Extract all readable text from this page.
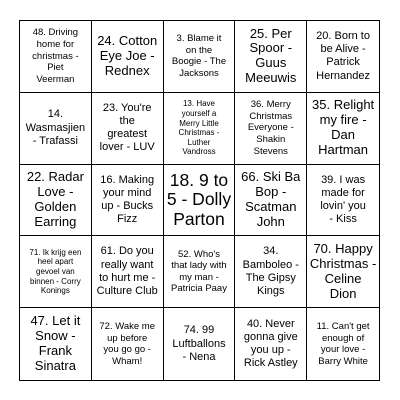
48. Driving
home for
christmas -
Piet
Veerman
24. Cotton
Eye Joe -
Rednex
3. Blame it
on the
Boogie - The
Jacksons
25. Per
Spoor -
Guus
Meeuwis
20. Born to
be Alive -
Patrick
Hernandez
14.
Wasmasjien
- Trafassi
23. You're
the
greatest
lover - LUV
13. Have
yourself a
Merry Little
Christmas -
Luther
Vandross
36. Merry
Christmas
Everyone -
Shakin
Stevens
35. Relight
my fire -
Dan
Hartman
22. Radar
Love -
Golden
Earring
16. Making
your mind
up - Bucks
Fizz
18. 9 to
5 - Dolly
Parton
66. Ski Ba
Bop -
Scatman
John
39. I was
made for
lovin' you
- Kiss
71. Ik krijg een
heel apart
gevoel van
binnen - Corry
Konings
61. Do you
really want
to hurt me -
Culture Club
52. Who's
that lady with
my man -
Patricia Paay
34.
Bamboleo -
The Gipsy
Kings
70. Happy
Christmas -
Celine
Dion
47. Let it
Snow -
Frank
Sinatra
72. Wake me
up before
you go go -
Wham!
74. 99
Luftballons
- Nena
40. Never
gonna give
you up -
Rick Astley
11. Can't get
enough of
your love -
Barry White
